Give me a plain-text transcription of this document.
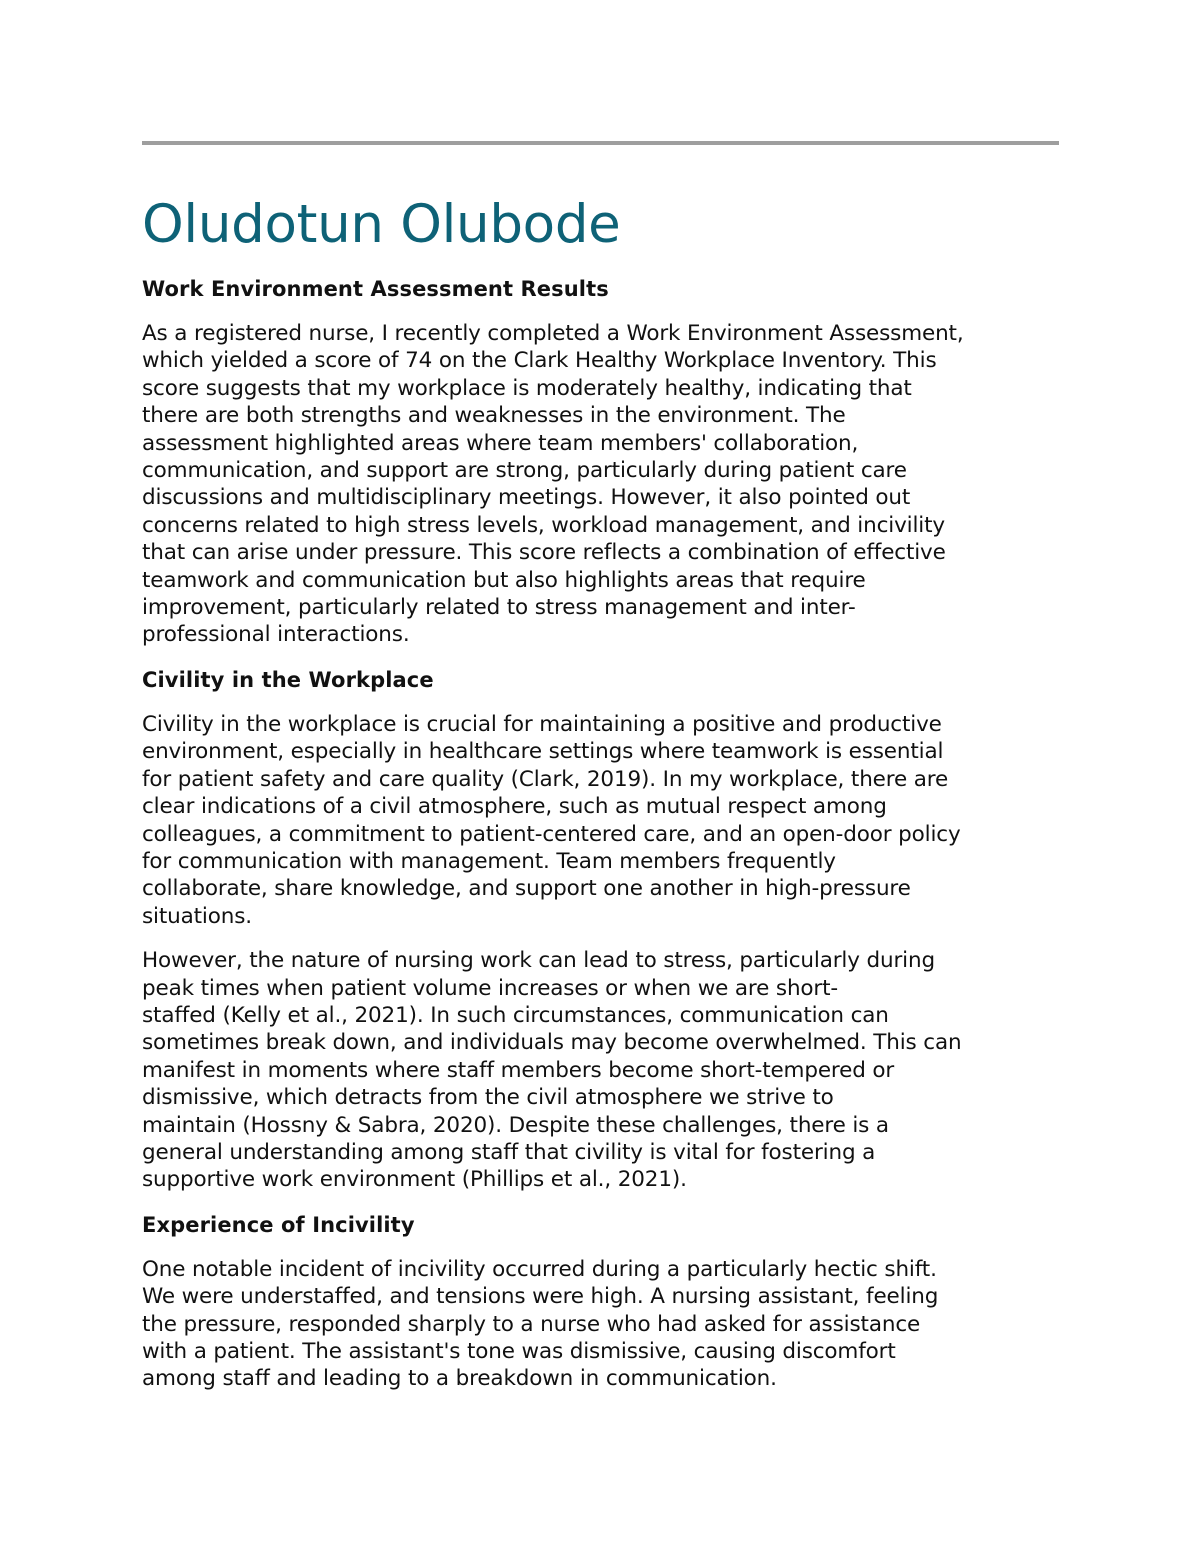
Oludotun Olubode
Work Environment Assessment Results
As a registered nurse, I recently completed a Work Environment Assessment,
which yielded a score of 74 on the Clark Healthy Workplace Inventory. This
score suggests that my workplace is moderately healthy, indicating that
there are both strengths and weaknesses in the environment. The
assessment highlighted areas where team members' collaboration,
communication, and support are strong, particularly during patient care
discussions and multidisciplinary meetings. However, it also pointed out
concerns related to high stress levels, workload management, and incivility
that can arise under pressure. This score reflects a combination of effective
teamwork and communication but also highlights areas that require
improvement, particularly related to stress management and inter-
professional interactions.
Civility in the Workplace
Civility in the workplace is crucial for maintaining a positive and productive
environment, especially in healthcare settings where teamwork is essential
for patient safety and care quality (Clark, 2019). In my workplace, there are
clear indications of a civil atmosphere, such as mutual respect among
colleagues, a commitment to patient-centered care, and an open-door policy
for communication with management. Team members frequently
collaborate, share knowledge, and support one another in high-pressure
situations.
However, the nature of nursing work can lead to stress, particularly during
peak times when patient volume increases or when we are short-
staffed (Kelly et al., 2021). In such circumstances, communication can
sometimes break down, and individuals may become overwhelmed. This can
manifest in moments where staff members become short-tempered or
dismissive, which detracts from the civil atmosphere we strive to
maintain (Hossny & Sabra, 2020). Despite these challenges, there is a
general understanding among staff that civility is vital for fostering a
supportive work environment (Phillips et al., 2021).
Experience of Incivility
One notable incident of incivility occurred during a particularly hectic shift.
We were understaffed, and tensions were high. A nursing assistant, feeling
the pressure, responded sharply to a nurse who had asked for assistance
with a patient. The assistant's tone was dismissive, causing discomfort
among staff and leading to a breakdown in communication.
